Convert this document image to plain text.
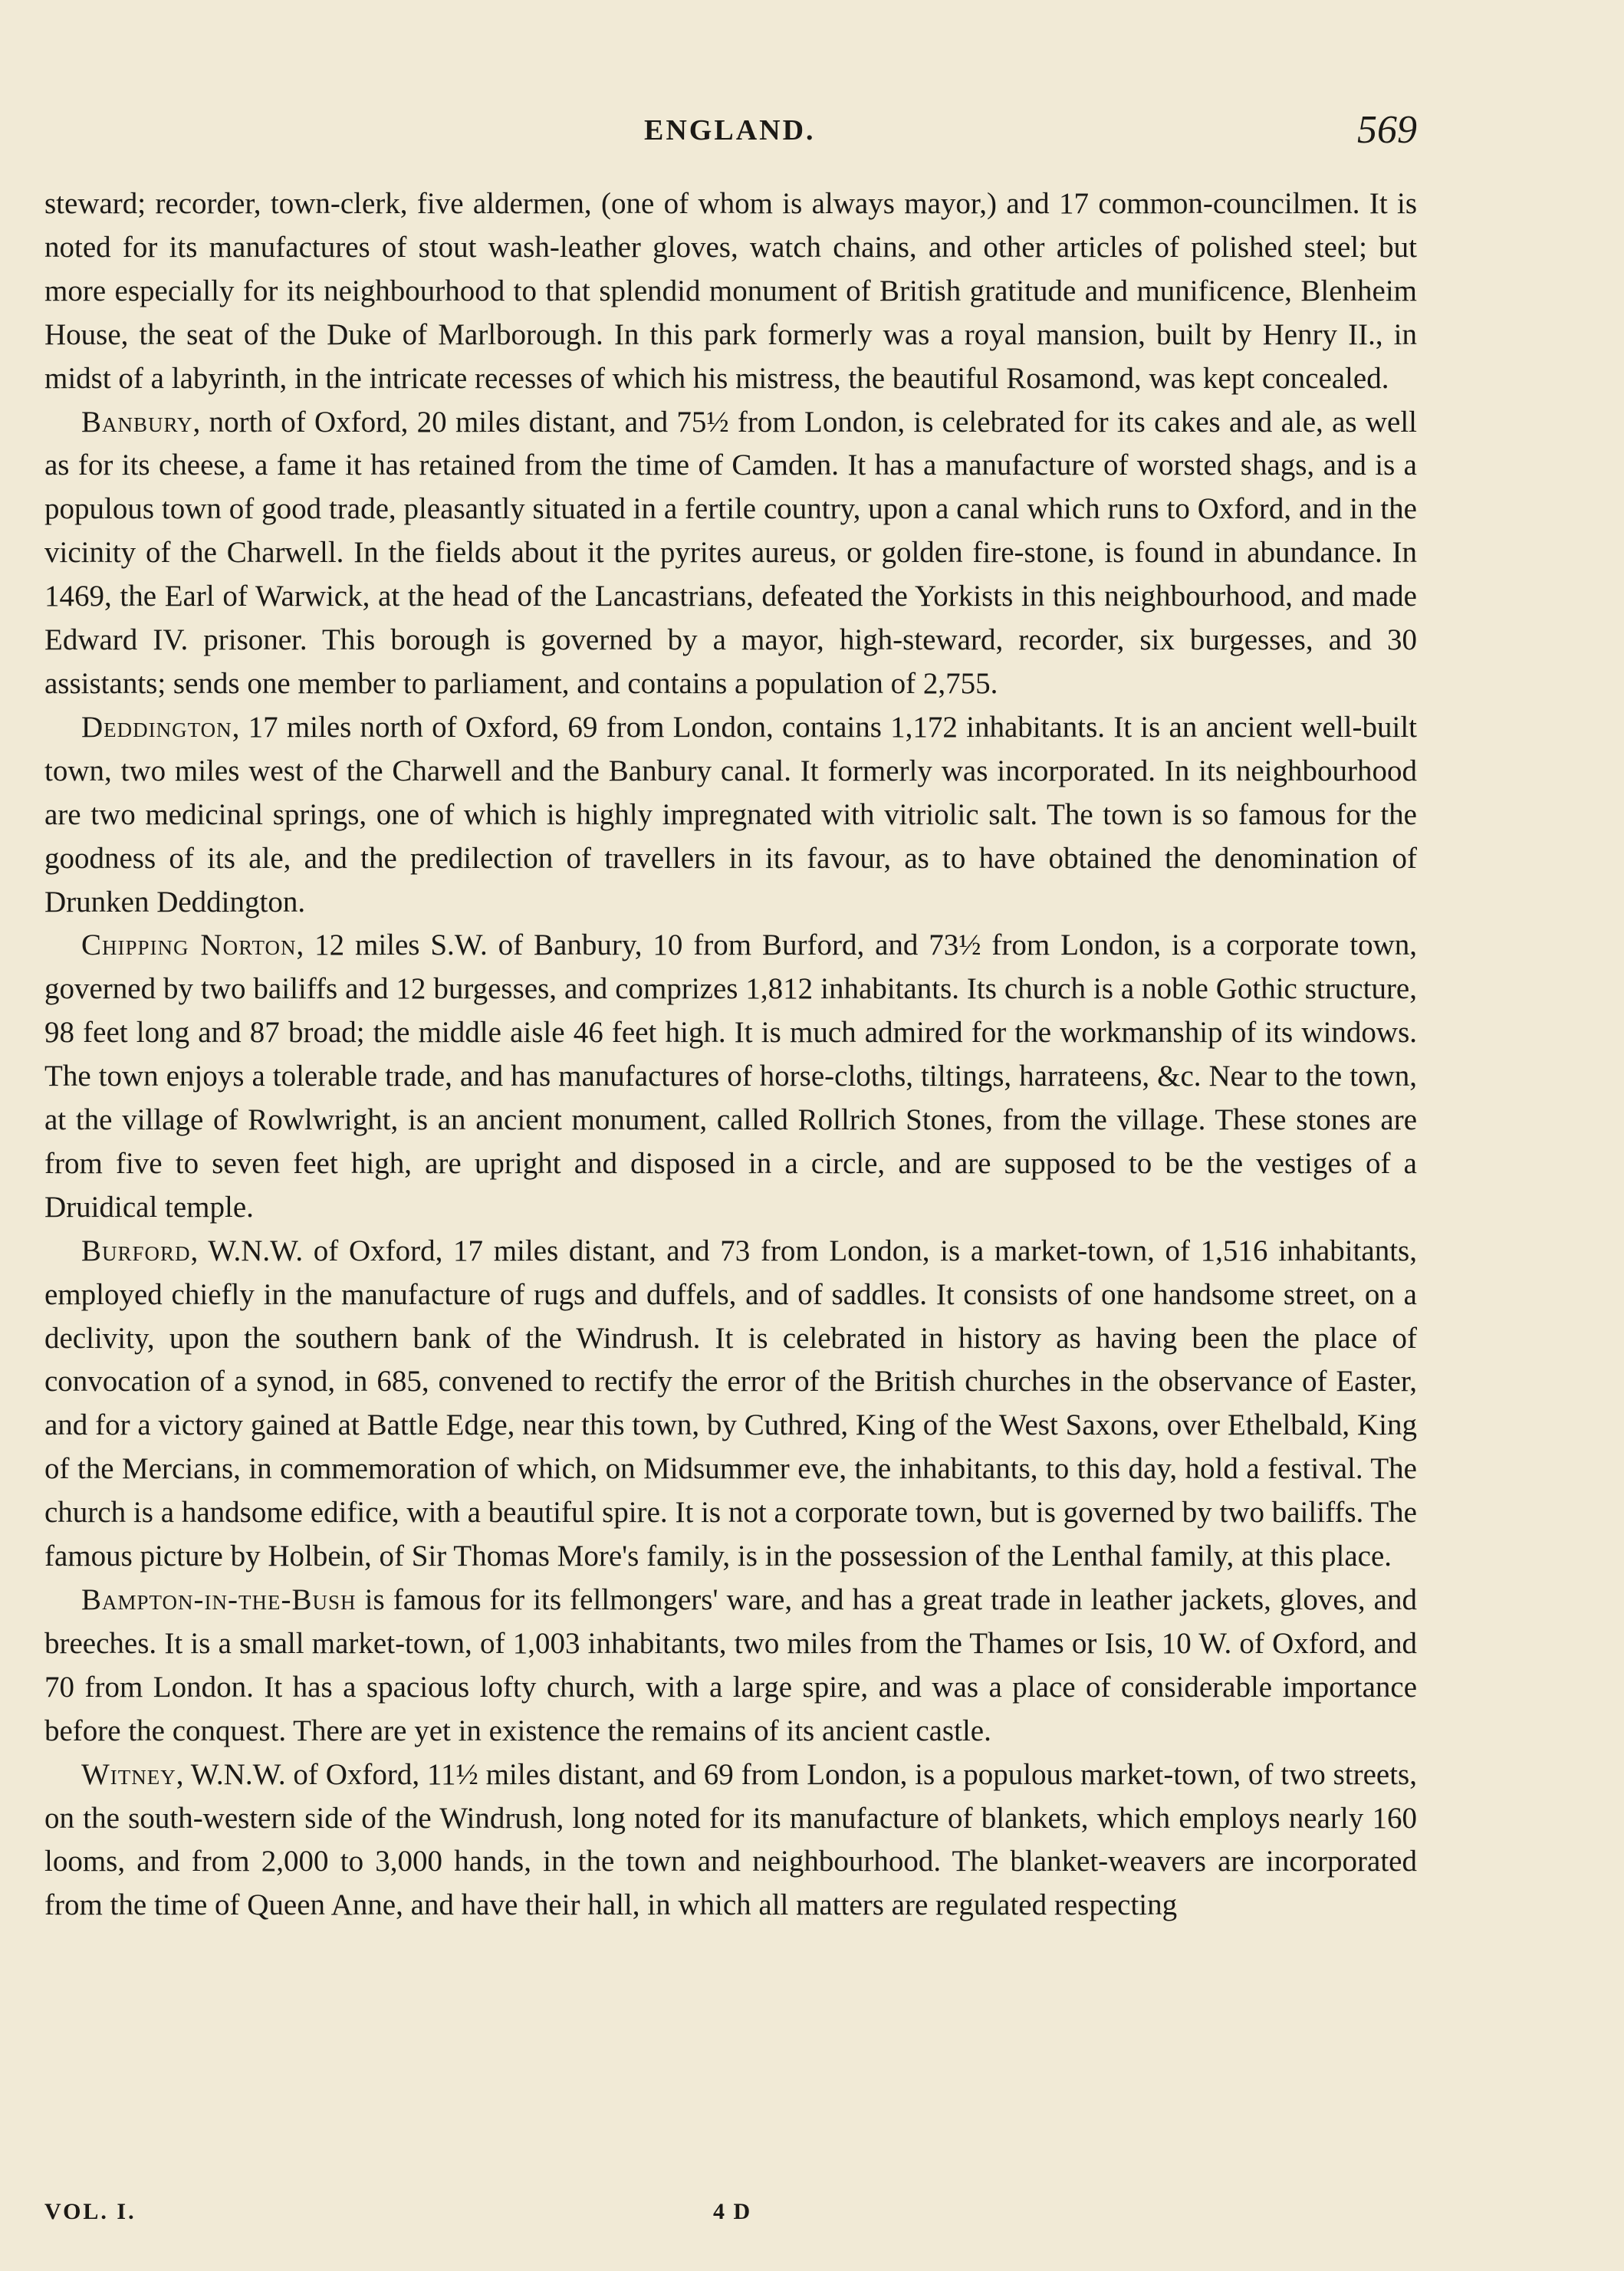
ENGLAND.	569

steward; recorder, town-clerk, five aldermen, (one of whom is always mayor,) and 17 common-councilmen. It is noted for its manufactures of stout wash-leather gloves, watch chains, and other articles of polished steel; but more especially for its neighbourhood to that splendid monument of British gratitude and munificence, Blenheim House, the seat of the Duke of Marlborough. In this park formerly was a royal mansion, built by Henry II., in midst of a labyrinth, in the intricate recesses of which his mistress, the beautiful Rosamond, was kept concealed.

Banbury, north of Oxford, 20 miles distant, and 75½ from London, is celebrated for its cakes and ale, as well as for its cheese, a fame it has retained from the time of Camden. It has a manufacture of worsted shags, and is a populous town of good trade, pleasantly situated in a fertile country, upon a canal which runs to Oxford, and in the vicinity of the Charwell. In the fields about it the pyrites aureus, or golden fire-stone, is found in abundance. In 1469, the Earl of Warwick, at the head of the Lancastrians, defeated the Yorkists in this neighbourhood, and made Edward IV. prisoner. This borough is governed by a mayor, high-steward, recorder, six burgesses, and 30 assistants; sends one member to parliament, and contains a population of 2,755.

Deddington, 17 miles north of Oxford, 69 from London, contains 1,172 inhabitants. It is an ancient well-built town, two miles west of the Charwell and the Banbury canal. It formerly was incorporated. In its neighbourhood are two medicinal springs, one of which is highly impregnated with vitriolic salt. The town is so famous for the goodness of its ale, and the predilection of travellers in its favour, as to have obtained the denomination of Drunken Deddington.

Chipping Norton, 12 miles S.W. of Banbury, 10 from Burford, and 73½ from London, is a corporate town, governed by two bailiffs and 12 burgesses, and comprizes 1,812 inhabitants. Its church is a noble Gothic structure, 98 feet long and 87 broad; the middle aisle 46 feet high. It is much admired for the workmanship of its windows. The town enjoys a tolerable trade, and has manufactures of horse-cloths, tiltings, harrateens, &c. Near to the town, at the village of Rowlwright, is an ancient monument, called Rollrich Stones, from the village. These stones are from five to seven feet high, are upright and disposed in a circle, and are supposed to be the vestiges of a Druidical temple.

Burford, W.N.W. of Oxford, 17 miles distant, and 73 from London, is a market-town, of 1,516 inhabitants, employed chiefly in the manufacture of rugs and duffels, and of saddles. It consists of one handsome street, on a declivity, upon the southern bank of the Windrush. It is celebrated in history as having been the place of convocation of a synod, in 685, convened to rectify the error of the British churches in the observance of Easter, and for a victory gained at Battle Edge, near this town, by Cuthred, King of the West Saxons, over Ethelbald, King of the Mercians, in commemoration of which, on Midsummer eve, the inhabitants, to this day, hold a festival. The church is a handsome edifice, with a beautiful spire. It is not a corporate town, but is governed by two bailiffs. The famous picture by Holbein, of Sir Thomas More's family, is in the possession of the Lenthal family, at this place.

Bampton-in-the-Bush is famous for its fellmongers' ware, and has a great trade in leather jackets, gloves, and breeches. It is a small market-town, of 1,003 inhabitants, two miles from the Thames or Isis, 10 W. of Oxford, and 70 from London. It has a spacious lofty church, with a large spire, and was a place of considerable importance before the conquest. There are yet in existence the remains of its ancient castle.

Witney, W.N.W. of Oxford, 11½ miles distant, and 69 from London, is a populous market-town, of two streets, on the south-western side of the Windrush, long noted for its manufacture of blankets, which employs nearly 160 looms, and from 2,000 to 3,000 hands, in the town and neighbourhood. The blanket-weavers are incorporated from the time of Queen Anne, and have their hall, in which all matters are regulated respecting

VOL. I.	4 D
